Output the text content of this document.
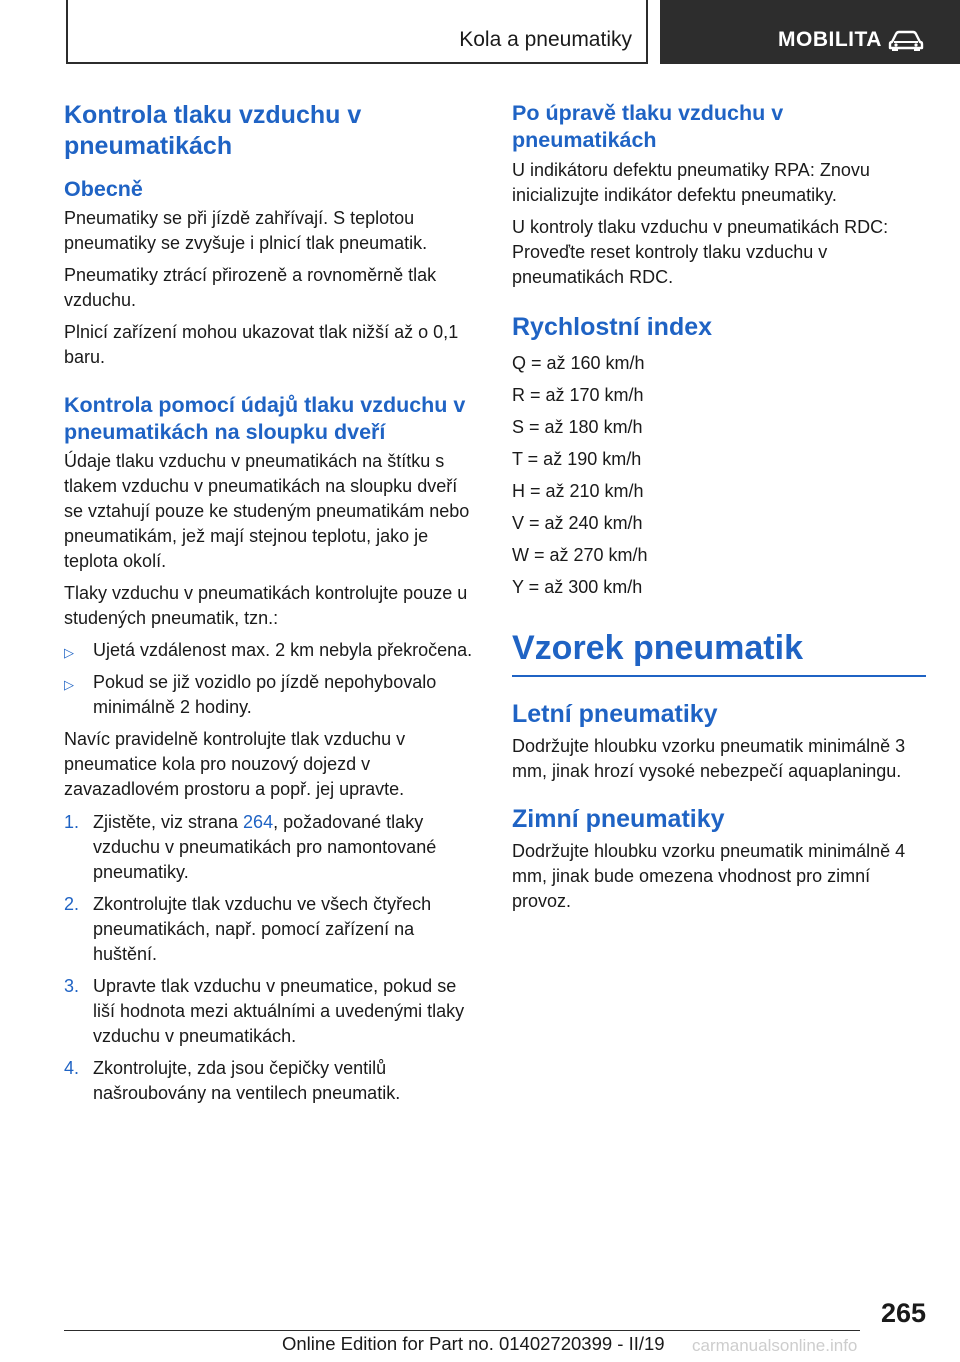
Kola a pneumatiky	MOBILITA
Kontrola tlaku vzduchu v pneumatikách
Obecně

Pneumatiky se při jízdě zahřívají. S teplotou pneumatiky se zvyšuje i plnicí tlak pneumatik.

Pneumatiky ztrácí přirozeně a rovnoměrně tlak vzduchu.

Plnicí zařízení mohou ukazovat tlak nižší až o 0,1 baru.

Kontrola pomocí údajů tlaku vzduchu v pneumatikách na sloupku dveří

Údaje tlaku vzduchu v pneumatikách na štítku s tlakem vzduchu v pneumatikách na sloupku dveří se vztahují pouze ke studeným pneumatikám nebo pneumatikám, jež mají stejnou teplotu, jako je teplota okolí.

Tlaky vzduchu v pneumatikách kontrolujte pouze u studených pneumatik, tzn.:

▷ Ujetá vzdálenost max. 2 km nebyla překročena.
▷ Pokud se již vozidlo po jízdě nepohybovalo minimálně 2 hodiny.

Navíc pravidelně kontrolujte tlak vzduchu v pneumatice kola pro nouzový dojezd v zavazadlovém prostoru a popř. jej upravte.

1. Zjistěte, viz strana 264, požadované tlaky vzduchu v pneumatikách pro namontované pneumatiky.
2. Zkontrolujte tlak vzduchu ve všech čtyřech pneumatikách, např. pomocí zařízení na huštění.
3. Upravte tlak vzduchu v pneumatice, pokud se liší hodnota mezi aktuálními a uvedenými tlaky vzduchu v pneumatikách.
4. Zkontrolujte, zda jsou čepičky ventilů našroubovány na ventilech pneumatik.
Po úpravě tlaku vzduchu v pneumatikách

U indikátoru defektu pneumatiky RPA: Znovu inicializujte indikátor defektu pneumatiky.

U kontroly tlaku vzduchu v pneumatikách RDC: Proveďte reset kontroly tlaku vzduchu v pneumatikách RDC.

Rychlostní index
Q = až 160 km/h
R = až 170 km/h
S = až 180 km/h
T = až 190 km/h
H = až 210 km/h
V = až 240 km/h
W = až 270 km/h
Y = až 300 km/h
Vzorek pneumatik
Letní pneumatiky

Dodržujte hloubku vzorku pneumatik minimálně 3 mm, jinak hrozí vysoké nebezpečí aquaplaningu.

Zimní pneumatiky

Dodržujte hloubku vzorku pneumatik minimálně 4 mm, jinak bude omezena vhodnost pro zimní provoz.

265
Online Edition for Part no. 01402720399 - II/19 carmanualsonline.info
